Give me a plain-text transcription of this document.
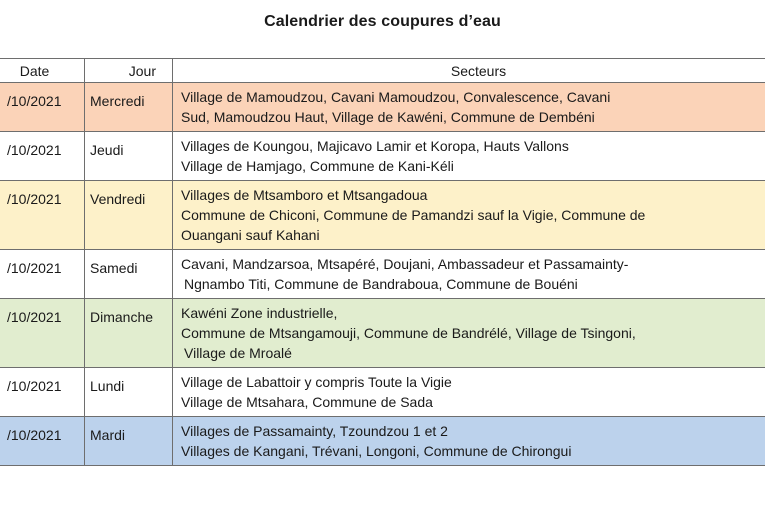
Calendrier des coupures d’eau
Date	Jour	Secteurs
/10/2021	Mercredi	Village de Mamoudzou, Cavani Mamoudzou, Convalescence, Cavani
Sud, Mamoudzou Haut, Village de Kawéni, Commune de Dembéni

/10/2021	Jeudi	Villages de Koungou, Majicavo Lamir et Koropa, Hauts Vallons
Village de Hamjago, Commune de Kani-Kéli

/10/2021	Vendredi	Villages de Mtsamboro et Mtsangadoua
Commune de Chiconi, Commune de Pamandzi sauf la Vigie, Commune de
Ouangani sauf Kahani

/10/2021	Samedi	Cavani, Mandzarsoa, Mtsapéré, Doujani, Ambassadeur et Passamainty-
Ngnambo Titi, Commune de Bandraboua, Commune de Bouéni

/10/2021	Dimanche	Kawéni Zone industrielle,
Commune de Mtsangamouji, Commune de Bandrélé, Village de Tsingoni,
Village de Mroalé

/10/2021	Lundi	Village de Labattoir y compris Toute la Vigie
Village de Mtsahara, Commune de Sada

/10/2021	Mardi	Villages de Passamainty, Tzoundzou 1 et 2
Villages de Kangani, Trévani, Longoni, Commune de Chirongui
